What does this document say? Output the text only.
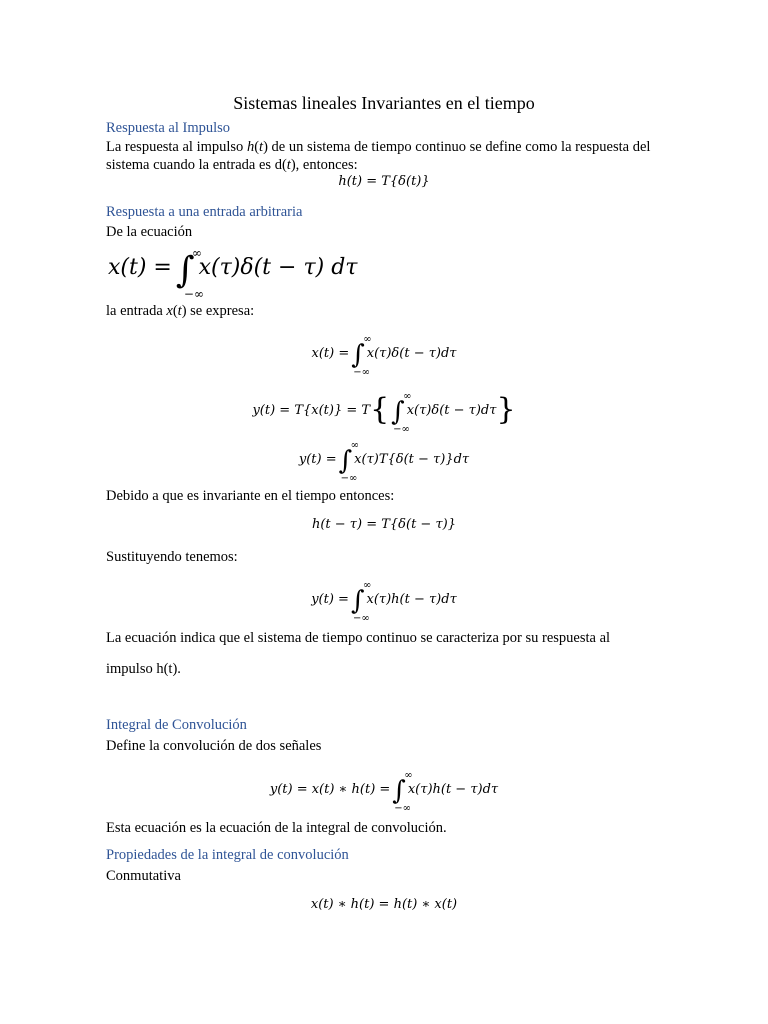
Sistemas lineales Invariantes en el tiempo
Respuesta al Impulso
La respuesta al impulso h(t) de un sistema de tiempo continuo se define como la respuesta del sistema cuando la entrada es d(t), entonces:
h(t) = T{δ(t)}
Respuesta a una entrada arbitraria
De la ecuación
x(t) = ∫
∞
−∞
x(τ)δ(t − τ) dτ
la entrada x(t) se expresa:
x(t) =∫
∞
−∞
x(τ)δ(t − τ)dτ
y(t) = T{x(t)} = T{∫
∞
−∞
x(τ)δ(t − τ)dτ}
y(t) =∫
∞
−∞
x(τ)T{δ(t − τ)}dτ
Debido a que es invariante en el tiempo entonces:
h(t − τ) = T{δ(t − τ)}
Sustituyendo tenemos:
y(t) =∫
∞
−∞
x(τ)h(t − τ)dτ
La ecuación indica que el sistema de tiempo continuo se caracteriza por su respuesta al
impulso h(t).
Integral de Convolución
Define la convolución de dos señales
y(t) = x(t) ∗ h(t) =∫
∞
−∞
x(τ)h(t − τ)dτ
Esta ecuación es la ecuación de la integral de convolución.
Propiedades de la integral de convolución
Conmutativa
x(t) ∗ h(t) = h(t) ∗ x(t)
